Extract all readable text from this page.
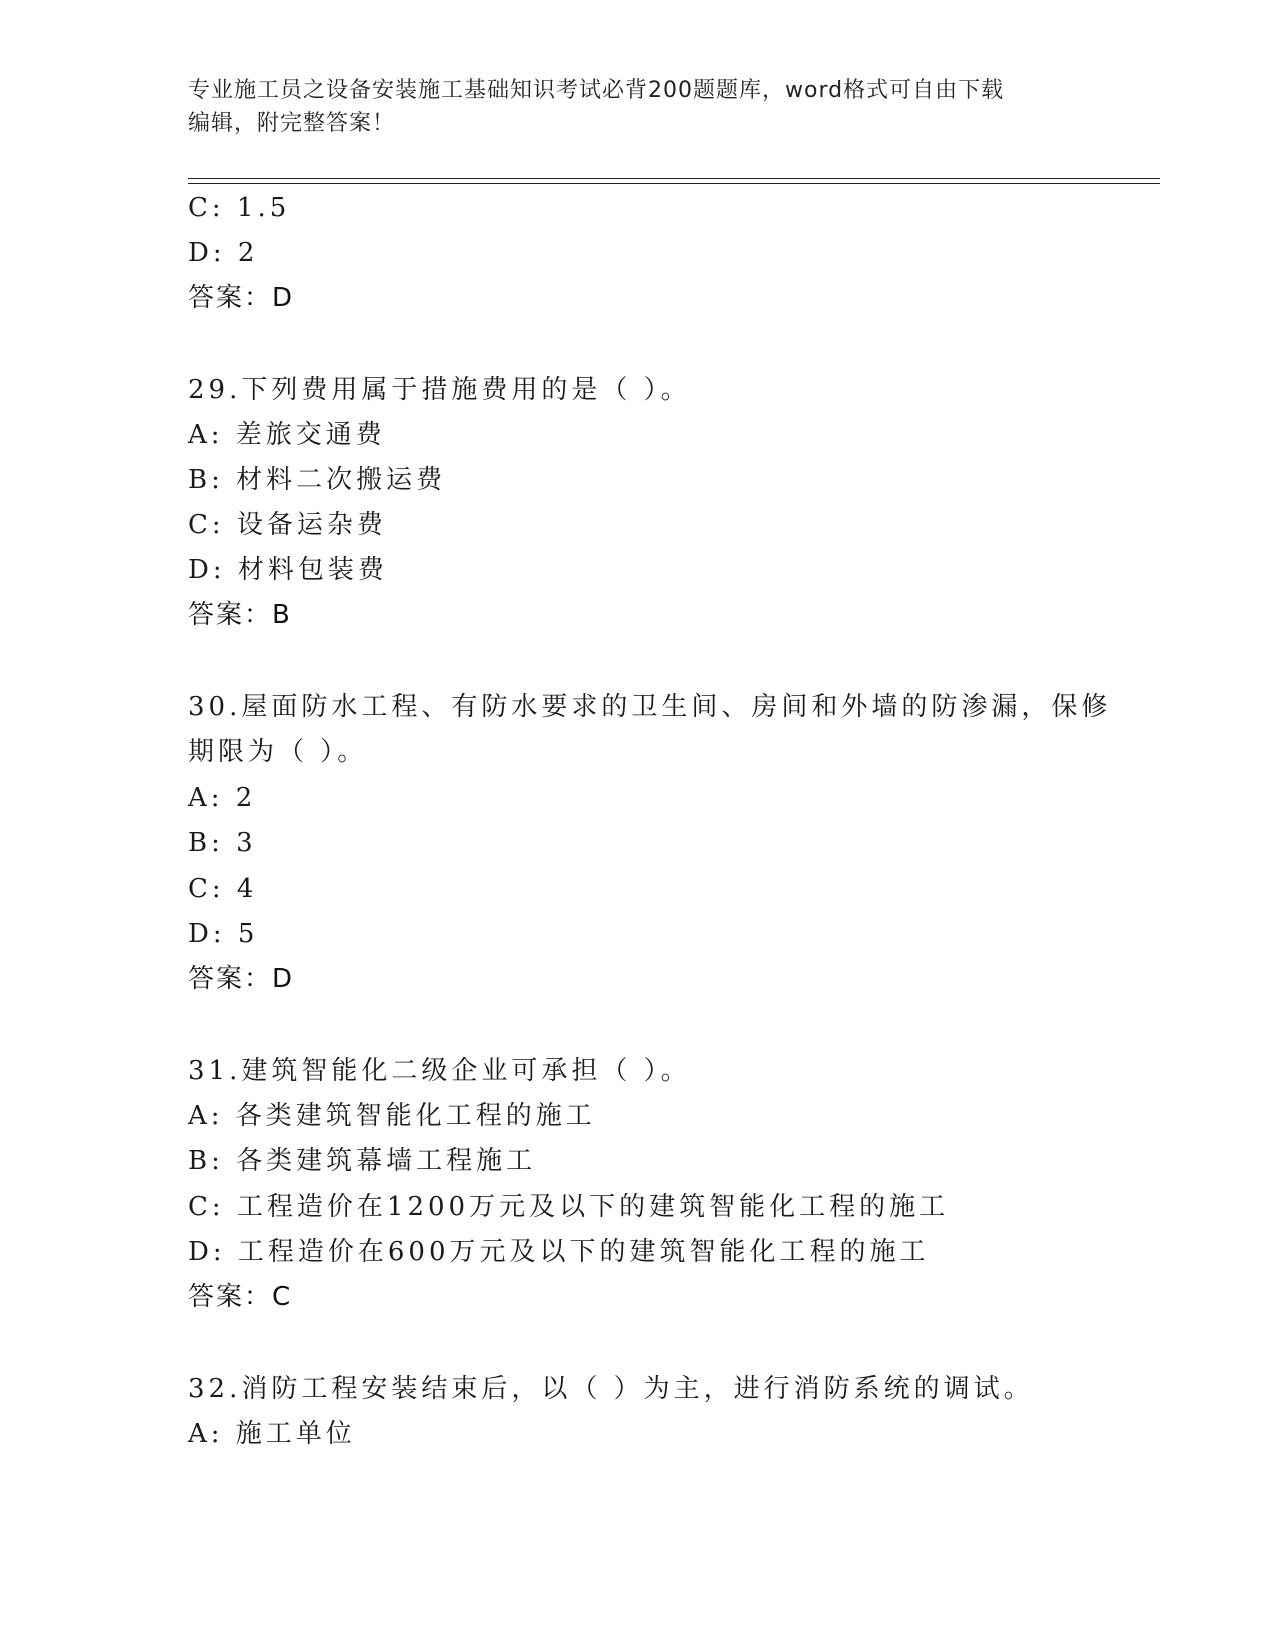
专业施工员之设备安装施工基础知识考试必背200题题库，word格式可自由下载
编辑，附完整答案！
C: 1.5
D: 2
答案：D
29.下列费用属于措施费用的是（ ）。
A: 差旅交通费
B: 材料二次搬运费
C: 设备运杂费
D: 材料包装费
答案：B
30.屋面防水工程、有防水要求的卫生间、房间和外墙的防渗漏，保修
期限为（ ）。
A: 2
B: 3
C: 4
D: 5
答案：D
31.建筑智能化二级企业可承担（ ）。
A: 各类建筑智能化工程的施工
B: 各类建筑幕墙工程施工
C: 工程造价在1200万元及以下的建筑智能化工程的施工
D: 工程造价在600万元及以下的建筑智能化工程的施工
答案：C
32.消防工程安装结束后，以（ ）为主，进行消防系统的调试。
A: 施工单位
